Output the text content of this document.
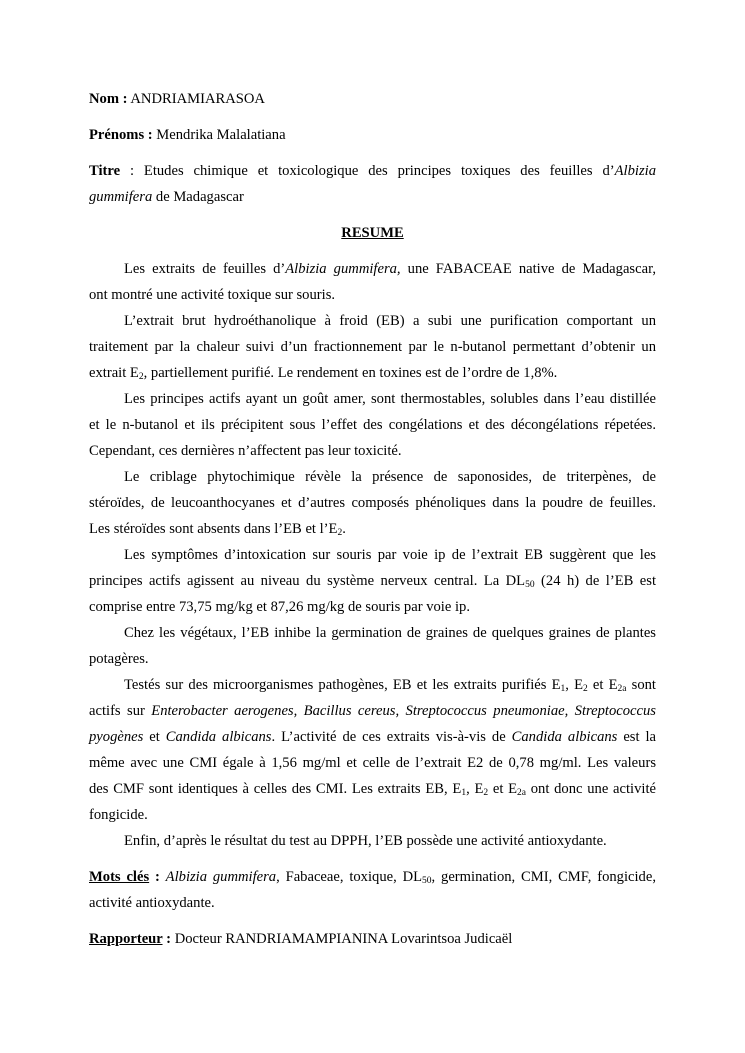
Nom : ANDRIAMIARASOA

Prénoms : Mendrika Malalatiana

Titre : Etudes chimique et toxicologique des principes toxiques des feuilles d’Albizia

gummifera de Madagascar

RESUME

Les extraits de feuilles d’Albizia gummifera, une FABACEAE native de Madagascar,

ont montré une activité toxique sur souris.

L’extrait brut hydroéthanolique à froid (EB) a subi une purification comportant un

traitement par la chaleur suivi d’un fractionnement par le n-butanol permettant d’obtenir un

extrait $E_2$, partiellement purifié. Le rendement en toxines est de l’ordre de 1,8%.

Les principes actifs ayant un goût amer, sont thermostables, solubles dans l’eau distillée

et le n-butanol et ils précipitent sous l’effet des congélations et des décongélations répetées.

Cependant, ces dernières n’affectent pas leur toxicité.

Le criblage phytochimique révèle la présence de saponosides, de triterpènes, de

stéroïdes, de leucoanthocyanes et d’autres composés phénoliques dans la poudre de feuilles.

Les stéroïdes sont absents dans l’EB et $l’E_2$.

Les symptômes d’intoxication sur souris par voie ip de l’extrait EB suggèrent que les

principes actifs agissent au niveau du système nerveux central. La $DL_{50}$ (24 h) de l’EB est

comprise entre 73,75 mg/kg et 87,26 mg/kg de souris par voie ip.

Chez les végétaux, l’EB inhibe la germination de graines de quelques graines de plantes

potagères.

Testés sur des microorganismes pathogènes, EB et les extraits purifiés $E_1$, $E_2$ et $E_{2a}$ sont

actifs sur Enterobacter aerogenes, Bacillus cereus, Streptococcus pneumoniae, Streptococcus

pyogènes et Candida albicans. L’activité de ces extraits vis-à-vis de Candida albicans est la

même avec une CMI égale à 1,56 mg/ml et celle de l’extrait E2 de 0,78 mg/ml. Les valeurs

des CMF sont identiques à celles des CMI. Les extraits EB, $E_1$, $E_2$ et $E_{2a}$ ont donc une activité

fongicide.

Enfin, d’après le résultat du test au DPPH, l’EB possède une activité antioxydante.

Mots clés : Albizia gummifera, Fabaceae, toxique, $DL_{50}$, germination, CMI, CMF, fongicide,

activité antioxydante.

Rapporteur : Docteur RANDRIAMAMPIANINA Lovarintsoa Judicaël
